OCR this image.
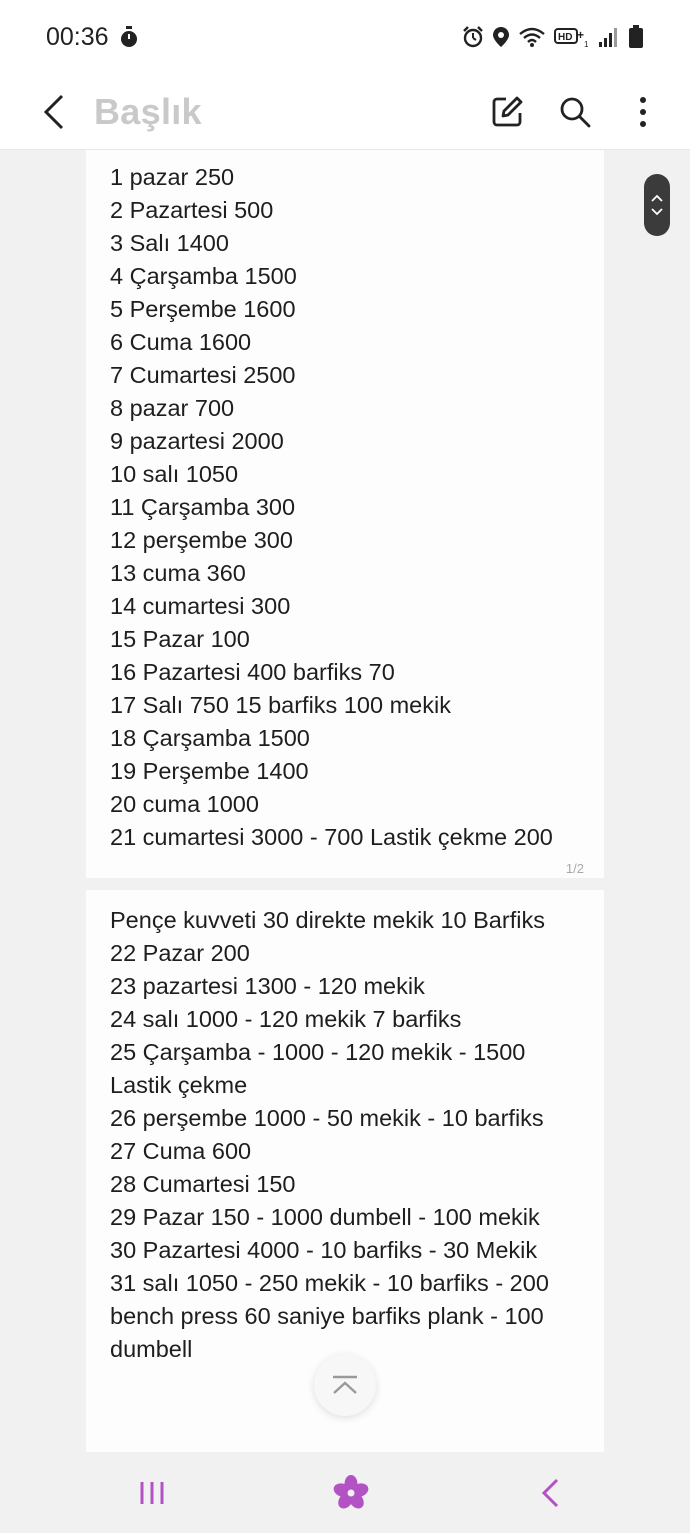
00:36	HD +
1
Başlık
1 pazar 250
2 Pazartesi 500
3 Salı 1400
4 Çarşamba 1500
5 Perşembe 1600
6 Cuma 1600
7 Cumartesi 2500
8 pazar 700
9 pazartesi 2000
10 salı 1050
11 Çarşamba 300
12 perşembe 300
13 cuma 360
14 cumartesi 300
15 Pazar 100
16 Pazartesi 400 barfiks 70
17 Salı 750 15 barfiks 100 mekik
18 Çarşamba 1500
19 Perşembe 1400
20 cuma 1000
21 cumartesi 3000 - 700 Lastik çekme 200
1/2
Pençe kuvveti 30 direkte mekik 10 Barfiks
22 Pazar 200
23 pazartesi 1300 - 120 mekik
24 salı 1000 - 120 mekik 7 barfiks
25 Çarşamba - 1000 - 120 mekik - 1500 Lastik çekme
26 perşembe 1000 - 50 mekik - 10 barfiks
27 Cuma 600
28 Cumartesi 150
29 Pazar 150 - 1000 dumbell - 100 mekik
30 Pazartesi 4000 - 10 barfiks - 30 Mekik
31 salı 1050 - 250 mekik - 10 barfiks - 200 bench press 60 saniye barfiks plank - 100 dumbell
